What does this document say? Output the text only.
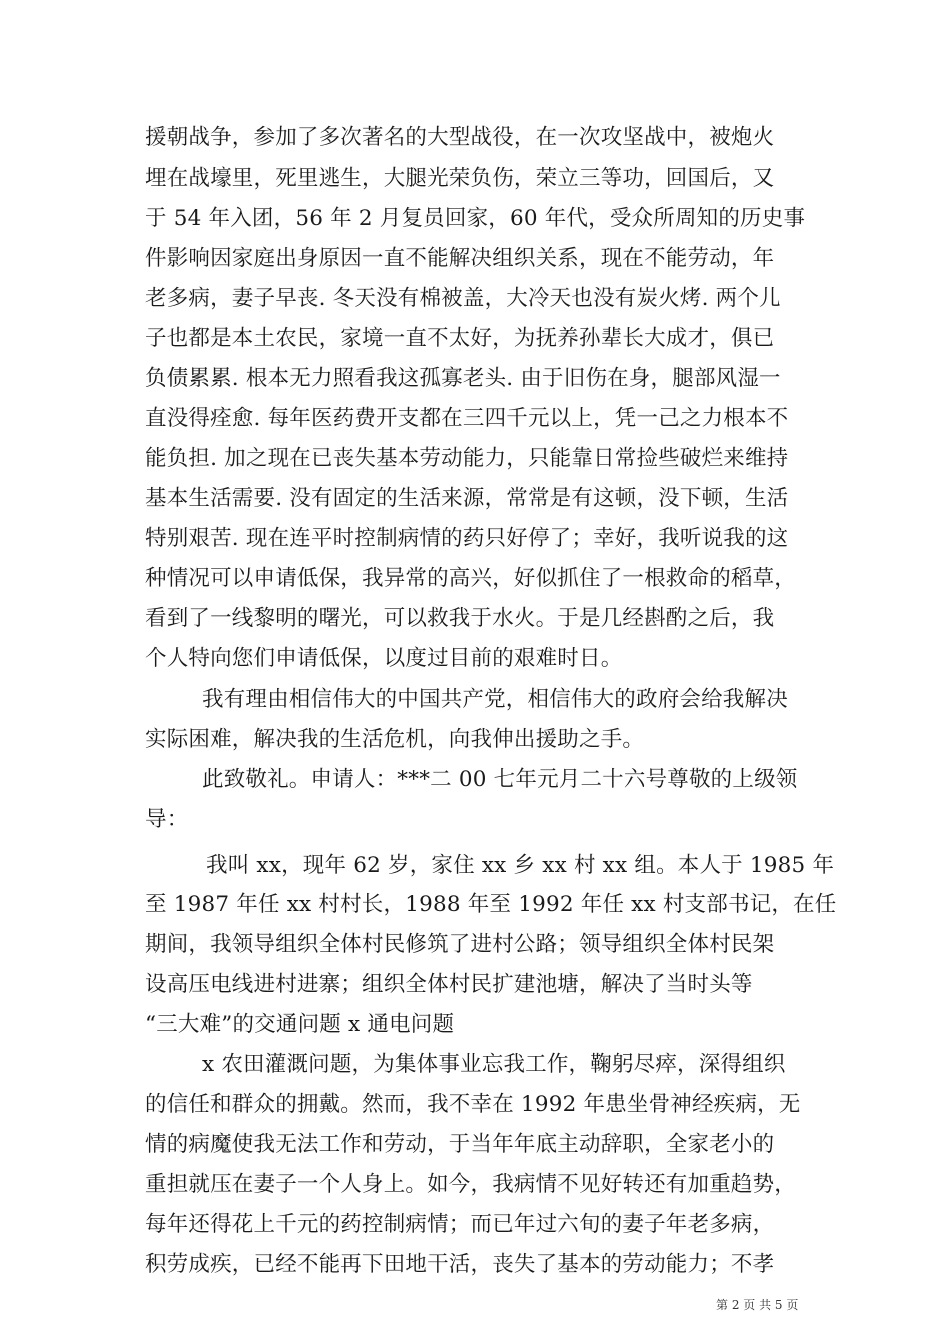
援朝战争，参加了多次著名的大型战役，在一次攻坚战中，被炮火
埋在战壕里，死里逃生，大腿光荣负伤，荣立三等功，回国后，又
于 54 年入团，56 年 2 月复员回家，60 年代，受众所周知的历史事
件影响因家庭出身原因一直不能解决组织关系，现在不能劳动，年
老多病，妻子早丧. 冬天没有棉被盖，大冷天也没有炭火烤. 两个儿
子也都是本土农民，家境一直不太好，为抚养孙辈长大成才，俱已
负债累累. 根本无力照看我这孤寡老头. 由于旧伤在身，腿部风湿一
直没得痊愈. 每年医药费开支都在三四千元以上，凭一己之力根本不
能负担. 加之现在已丧失基本劳动能力，只能靠日常捡些破烂来维持
基本生活需要. 没有固定的生活来源，常常是有这顿，没下顿，生活
特别艰苦. 现在连平时控制病情的药只好停了；幸好，我听说我的这
种情况可以申请低保，我异常的高兴，好似抓住了一根救命的稻草，
看到了一线黎明的曙光，可以救我于水火。于是几经斟酌之后，我
个人特向您们申请低保，以度过目前的艰难时日。
我有理由相信伟大的中国共产党，相信伟大的政府会给我解决
实际困难，解决我的生活危机，向我伸出援助之手。
此致敬礼。申请人：***二 00 七年元月二十六号尊敬的上级领
导：
我叫 xx，现年 62 岁，家住 xx 乡 xx 村 xx 组。本人于 1985 年
至 1987 年任 xx 村村长，1988 年至 1992 年任 xx 村支部书记，在任
期间，我领导组织全体村民修筑了进村公路；领导组织全体村民架
设高压电线进村进寨；组织全体村民扩建池塘，解决了当时头等
“三大难”的交通问题 x 通电问题
x 农田灌溉问题，为集体事业忘我工作，鞠躬尽瘁，深得组织
的信任和群众的拥戴。然而，我不幸在 1992 年患坐骨神经疾病，无
情的病魔使我无法工作和劳动，于当年年底主动辞职，全家老小的
重担就压在妻子一个人身上。如今，我病情不见好转还有加重趋势，
每年还得花上千元的药控制病情；而已年过六旬的妻子年老多病，
积劳成疾，已经不能再下田地干活，丧失了基本的劳动能力；不孝
第 2 页 共 5 页
